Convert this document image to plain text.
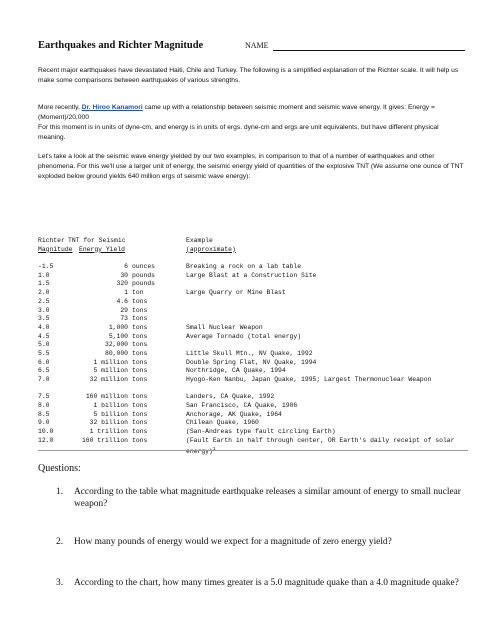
Earthquakes and Richter Magnitude	NAME

Recent major earthquakes have devastated Haiti, Chile and Turkey. The following is a simplified explanation of the Richter scale. It will help us make some comparisons between earthquakes of various strengths.

More recently, Dr. Hiroo Kanamori came up with a relationship between seismic moment and seismic wave energy. It gives: Energy = (Moment)/20,000

For this moment is in units of dyne-cm, and energy is in units of ergs. dyne-cm and ergs are unit equivalents, but have different physical meaning.

Let's take a look at the seismic wave energy yielded by our two examples, in comparison to that of a number of earthquakes and other phenomena. For this we'll use a larger unit of energy, the seismic energy yield of quantities of the explosive TNT (We assume one ounce of TNT exploded below ground yields 640 million ergs of seismic wave energy):

Richter TNT for Seismic	Example
Magnitude Energy Yield	(approximate)
-1.5	6 ounces	Breaking a rock on a lab table
1.0	30 pounds	Large Blast at a Construction Site
1.5	320 pounds
2.0	1 ton	Large Quarry or Mine Blast
2.5	4.6 tons
3.0	29 tons
3.5	73 tons
4.0	1,000 tons	Small Nuclear Weapon
4.5	5,100 tons	Average Tornado (total energy)
5.0	32,000 tons
5.5	80,000 tons	Little Skull Mtn., NV Quake, 1992
6.0	1 million tons	Double Spring Flat, NV Quake, 1994
6.5	5 million tons	Northridge, CA Quake, 1994
7.0	32 million tons	Hyogo-Ken Nanbu, Japan Quake, 1995; Largest Thermonuclear Weapon
7.5	160 million tons	Landers, CA Quake, 1992
8.0	1 billion tons	San Francisco, CA Quake, 1906
8.5	5 billion tons	Anchorage, AK Quake, 1964
9.0	32 billion tons	Chilean Quake, 1960
10.0	1 trillion tons	(San-Andreas type fault circling Earth)
12.0	160 trillion tons	(Fault Earth in half through center, OR Earth's daily receipt of solar energy)$^1$
Questions:
1. According to the table what magnitude earthquake releases a similar amount of energy to small nuclear weapon?
2. How many pounds of energy would we expect for a magnitude of zero energy yield?
3. According to the chart, how many times greater is a 5.0 magnitude quake than a 4.0 magnitude quake?
